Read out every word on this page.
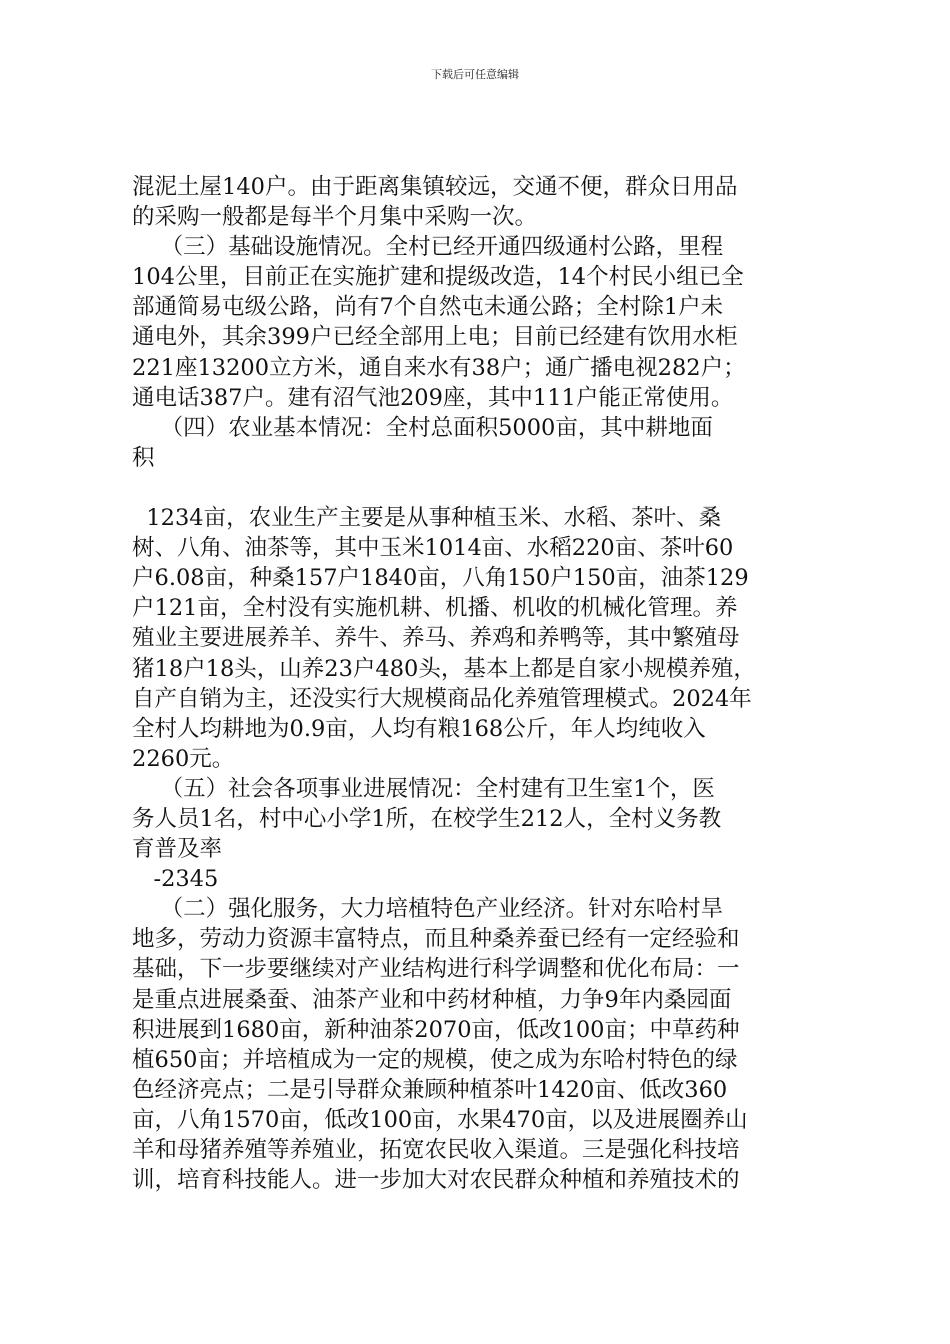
下载后可任意编辑

混泥土屋140户。由于距离集镇较远，交通不便，群众日用品

的采购一般都是每半个月集中采购一次。

（三）基础设施情况。全村已经开通四级通村公路，里程

104公里，目前正在实施扩建和提级改造，14个村民小组已全

部通简易屯级公路，尚有7个自然屯未通公路；全村除1户未

通电外，其余399户已经全部用上电；目前已经建有饮用水柜

221座13200立方米，通自来水有38户；通广播电视282户；

通电话387户。建有沼气池209座，其中111户能正常使用。

（四）农业基本情况：全村总面积5000亩，其中耕地面

积

1234亩，农业生产主要是从事种植玉米、水稻、茶叶、桑

树、八角、油茶等，其中玉米1014亩、水稻220亩、茶叶60

户6.08亩，种桑157户1840亩，八角150户150亩，油茶129

户121亩，全村没有实施机耕、机播、机收的机械化管理。养

殖业主要进展养羊、养牛、养马、养鸡和养鸭等，其中繁殖母

猪18户18头，山养23户480头，基本上都是自家小规模养殖，

自产自销为主，还没实行大规模商品化养殖管理模式。2024年

全村人均耕地为0.9亩，人均有粮168公斤，年人均纯收入

2260元。

（五）社会各项事业进展情况：全村建有卫生室1个，医

务人员1名，村中心小学1所，在校学生212人，全村义务教

育普及率

-2345

（二）强化服务，大力培植特色产业经济。针对东哈村旱

地多，劳动力资源丰富特点，而且种桑养蚕已经有一定经验和

基础，下一步要继续对产业结构进行科学调整和优化布局：一

是重点进展桑蚕、油茶产业和中药材种植，力争9年内桑园面

积进展到1680亩，新种油茶2070亩，低改100亩；中草药种

植650亩；并培植成为一定的规模，使之成为东哈村特色的绿

色经济亮点；二是引导群众兼顾种植茶叶1420亩、低改360

亩，八角1570亩，低改100亩，水果470亩，以及进展圈养山

羊和母猪养殖等养殖业，拓宽农民收入渠道。三是强化科技培

训，培育科技能人。进一步加大对农民群众种植和养殖技术的
